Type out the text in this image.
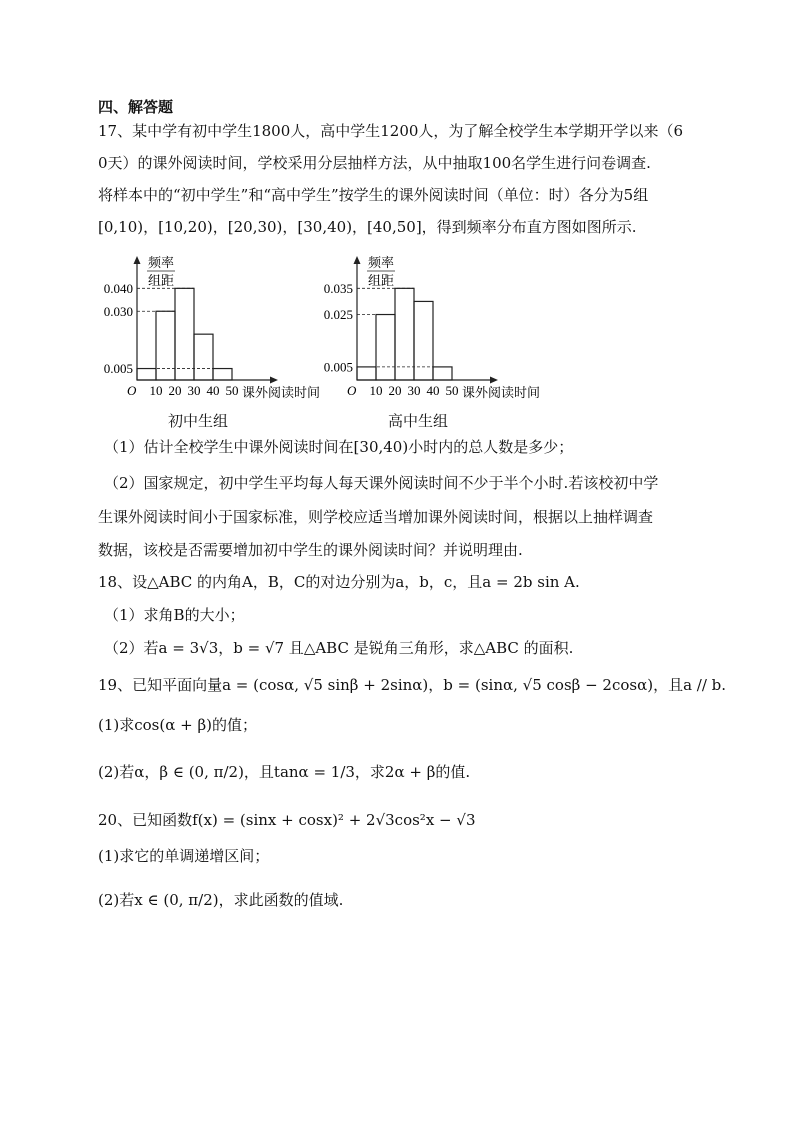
四、解答题
17、某中学有初中学生1800人，高中学生1200人，为了解全校学生本学期开学以来（6
0天）的课外阅读时间，学校采用分层抽样方法，从中抽取100名学生进行问卷调查.
将样本中的“初中学生”和“高中学生”按学生的课外阅读时间（单位：时）各分为5组
[0,10)，[10,20)，[20,30)，[30,40)，[40,50]，得到频率分布直方图如图所示.
频率
组距
O
0.005
0.030
0.040
10 20 30 40 50 课外阅读时间
初中生组
频率
组距
O
0.005
0.025
0.035
10 20 30 40 50 课外阅读时间
高中生组
（1）估计全校学生中课外阅读时间在[30,40)小时内的总人数是多少；
（2）国家规定，初中学生平均每人每天课外阅读时间不少于半个小时.若该校初中学
生课外阅读时间小于国家标准，则学校应适当增加课外阅读时间，根据以上抽样调查
数据，该校是否需要增加初中学生的课外阅读时间？并说明理由.
18、设△ABC 的内角A，B，C的对边分别为a，b，c，且a = 2b sin A.
（1）求角B的大小；
（2）若a = 3√3，b = √7 且△ABC 是锐角三角形，求△ABC 的面积.
19、已知平面向量a = (cosα, √5 sinβ + 2sinα)，b = (sinα, √5 cosβ − 2cosα)，且a // b.
(1)求cos(α + β)的值；
(2)若α，β ∈ (0, π/2)，且tanα = 1/3，求2α + β的值.
20、已知函数f(x) = (sinx + cosx)² + 2√3cos²x − √3
(1)求它的单调递增区间；
(2)若x ∈ (0, π/2)，求此函数的值域.
